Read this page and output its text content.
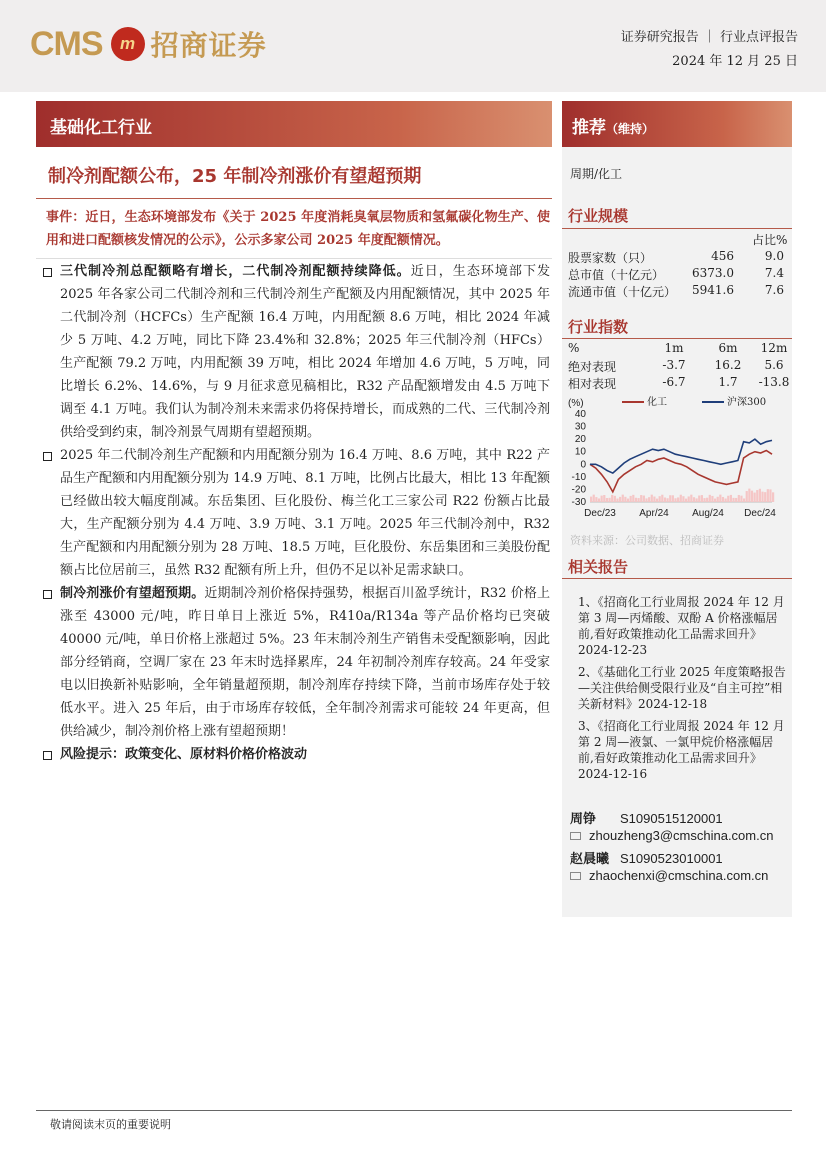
CMS	m 招商证券	证券研究报告 ｜ 行业点评报告
2024 年 12 月 25 日
基础化工行业	推荐（维持）
制冷剂配额公布，25 年制冷剂涨价有望超预期
事件：近日，生态环境部发布《关于 2025 年度消耗臭氧层物质和氢氟碳化物生产、使用和进口配额核发情况的公示》，公示多家公司 2025 年度配额情况。

三代制冷剂总配额略有增长，二代制冷剂配额持续降低。近日，生态环境部下发 2025 年各家公司二代制冷剂和三代制冷剂生产配额及内用配额情况，其中 2025 年二代制冷剂（HCFCs）生产配额 16.4 万吨，内用配额 8.6 万吨，相比 2024 年减少 5 万吨、4.2 万吨，同比下降 23.4%和 32.8%；2025 年三代制冷剂（HFCs）生产配额 79.2 万吨，内用配额 39 万吨，相比 2024 年增加 4.6 万吨，5 万吨，同比增长 6.2%、14.6%，与 9 月征求意见稿相比，R32 产品配额增发由 4.5 万吨下调至 4.1 万吨。我们认为制冷剂未来需求仍将保持增长，而成熟的二代、三代制冷剂供给受到约束，制冷剂景气周期有望超预期。

2025 年二代制冷剂生产配额和内用配额分别为 16.4 万吨、8.6 万吨，其中 R22 产品生产配额和内用配额分别为 14.9 万吨、8.1 万吨，比例占比最大，相比 13 年配额已经做出较大幅度削减。东岳集团、巨化股份、梅兰化工三家公司 R22 份额占比最大，生产配额分别为 4.4 万吨、3.9 万吨、3.1 万吨。2025 年三代制冷剂中，R32 生产配额和内用配额分别为 28 万吨、18.5 万吨，巨化股份、东岳集团和三美股份配额占比位居前三，虽然 R32 配额有所上升，但仍不足以补足需求缺口。

制冷剂涨价有望超预期。近期制冷剂价格保持强势，根据百川盈孚统计，R32 价格上涨至 43000 元/吨，昨日单日上涨近 5%，R410a/R134a 等产品价格均已突破 40000 元/吨，单日价格上涨超过 5%。23 年末制冷剂生产销售未受配额影响，因此部分经销商，空调厂家在 23 年末时选择累库，24 年初制冷剂库存较高。24 年受家电以旧换新补贴影响，全年销量超预期，制冷剂库存持续下降，当前市场库存处于较低水平。进入 25 年后，由于市场库存较低，全年制冷剂需求可能较 24 年更高，但供给减少，制冷剂价格上涨有望超预期！

风险提示：政策变化、原材料价格价格波动

周期/化工
行业规模
占比%
股票家数（只）	456	9.0
总市值（十亿元） 6373.0	7.4
流通市值（十亿元） 5941.6	7.6
行业指数
%	1m	6m	12m
绝对表现	-3.7	16.2	5.6
相对表现	-6.7	1.7	-13.8
(%)
40
30
20
10
0
-10
-20
-30
化工	沪深300
Dec/23 Apr/24 Aug/24 Dec/24
资料来源：公司数据、招商证券
相关报告
1、《招商化工行业周报 2024 年 12 月第 3 周—丙烯酸、双酚 A 价格涨幅居前,看好政策推动化工品需求回升》2024-12-23
2、《基础化工行业 2025 年度策略报告—关注供给侧受限行业及“自主可控”相关新材料》2024-12-18
3、《招商化工行业周报 2024 年 12 月第 2 周—液氯、一氯甲烷价格涨幅居前,看好政策推动化工品需求回升》2024-12-16
周铮 S1090515120001
zhouzheng3@cmschina.com.cn
赵晨曦 S1090523010001
zhaochenxi@cmschina.com.cn
敬请阅读末页的重要说明
